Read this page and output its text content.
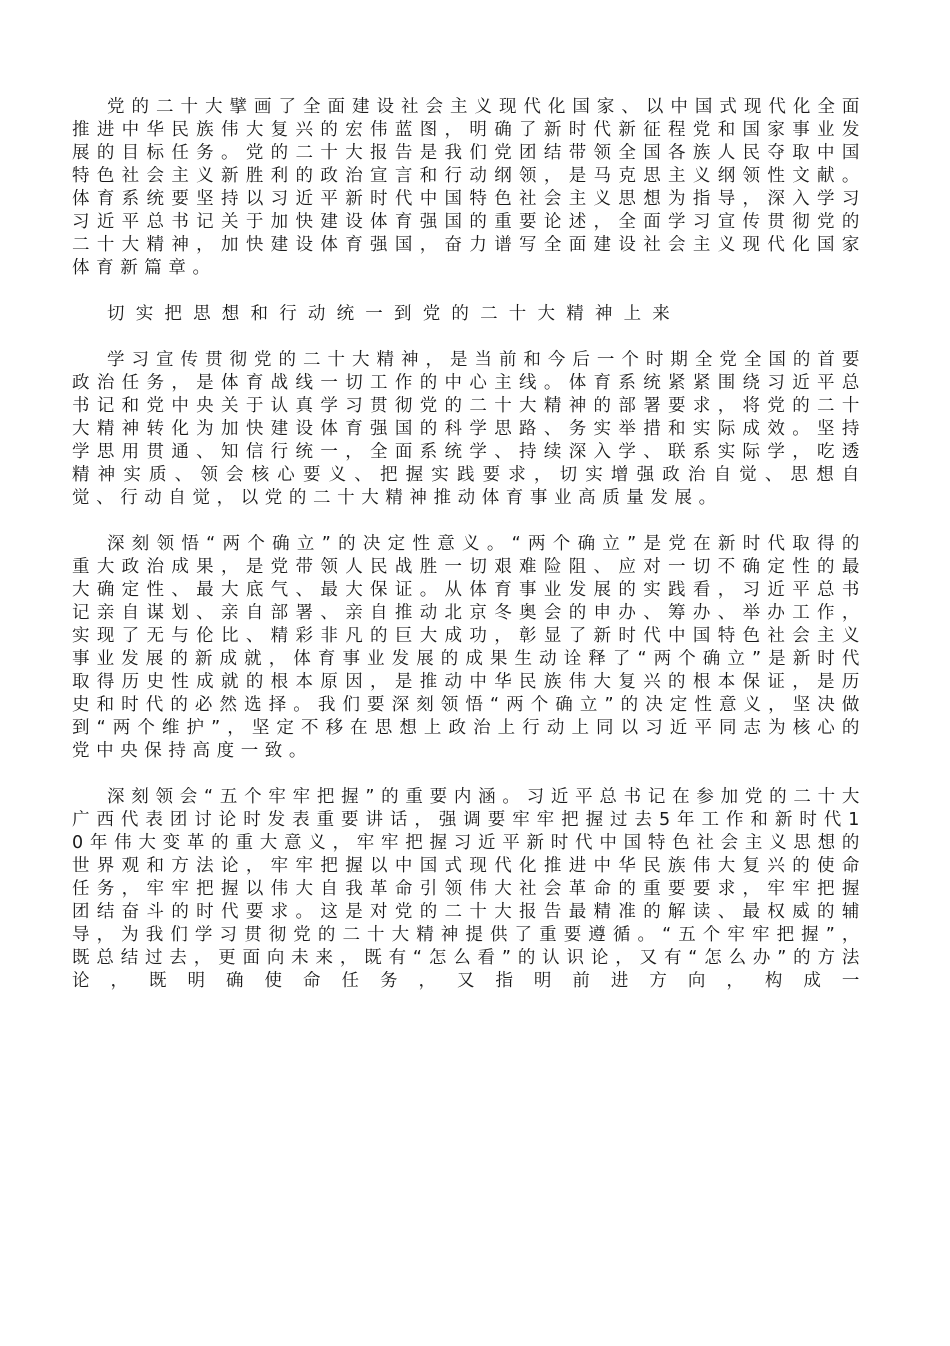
党的二十大擘画了全面建设社会主义现代化国家、以中国式现代化全面推进中华民族伟大复兴的宏伟蓝图，明确了新时代新征程党和国家事业发展的目标任务。党的二十大报告是我们党团结带领全国各族人民夺取中国特色社会主义新胜利的政治宣言和行动纲领，是马克思主义纲领性文献。体育系统要坚持以习近平新时代中国特色社会主义思想为指导，深入学习习近平总书记关于加快建设体育强国的重要论述，全面学习宣传贯彻党的二十大精神，加快建设体育强国，奋力谱写全面建设社会主义现代化国家体育新篇章。

切实把思想和行动统一到党的二十大精神上来

学习宣传贯彻党的二十大精神，是当前和今后一个时期全党全国的首要政治任务，是体育战线一切工作的中心主线。体育系统紧紧围绕习近平总书记和党中央关于认真学习贯彻党的二十大精神的部署要求，将党的二十大精神转化为加快建设体育强国的科学思路、务实举措和实际成效。坚持学思用贯通、知信行统一，全面系统学、持续深入学、联系实际学，吃透精神实质、领会核心要义、把握实践要求，切实增强政治自觉、思想自觉、行动自觉，以党的二十大精神推动体育事业高质量发展。

深刻领悟“两个确立”的决定性意义。“两个确立”是党在新时代取得的重大政治成果，是党带领人民战胜一切艰难险阻、应对一切不确定性的最大确定性、最大底气、最大保证。从体育事业发展的实践看，习近平总书记亲自谋划、亲自部署、亲自推动北京冬奥会的申办、筹办、举办工作，实现了无与伦比、精彩非凡的巨大成功，彰显了新时代中国特色社会主义事业发展的新成就，体育事业发展的成果生动诠释了“两个确立”是新时代取得历史性成就的根本原因，是推动中华民族伟大复兴的根本保证，是历史和时代的必然选择。我们要深刻领悟“两个确立”的决定性意义，坚决做到“两个维护”，坚定不移在思想上政治上行动上同以习近平同志为核心的党中央保持高度一致。

深刻领会“五个牢牢把握”的重要内涵。习近平总书记在参加党的二十大广西代表团讨论时发表重要讲话，强调要牢牢把握过去5年工作和新时代10年伟大变革的重大意义，牢牢把握习近平新时代中国特色社会主义思想的世界观和方法论，牢牢把握以中国式现代化推进中华民族伟大复兴的使命任务，牢牢把握以伟大自我革命引领伟大社会革命的重要要求，牢牢把握团结奋斗的时代要求。这是对党的二十大报告最精准的解读、最权威的辅导，为我们学习贯彻党的二十大精神提供了重要遵循。“五个牢牢把握”，既总结过去，更面向未来，既有“怎么看”的认识论，又有“怎么办”的方法论，既明确使命任务，又指明前进方向，构成一
